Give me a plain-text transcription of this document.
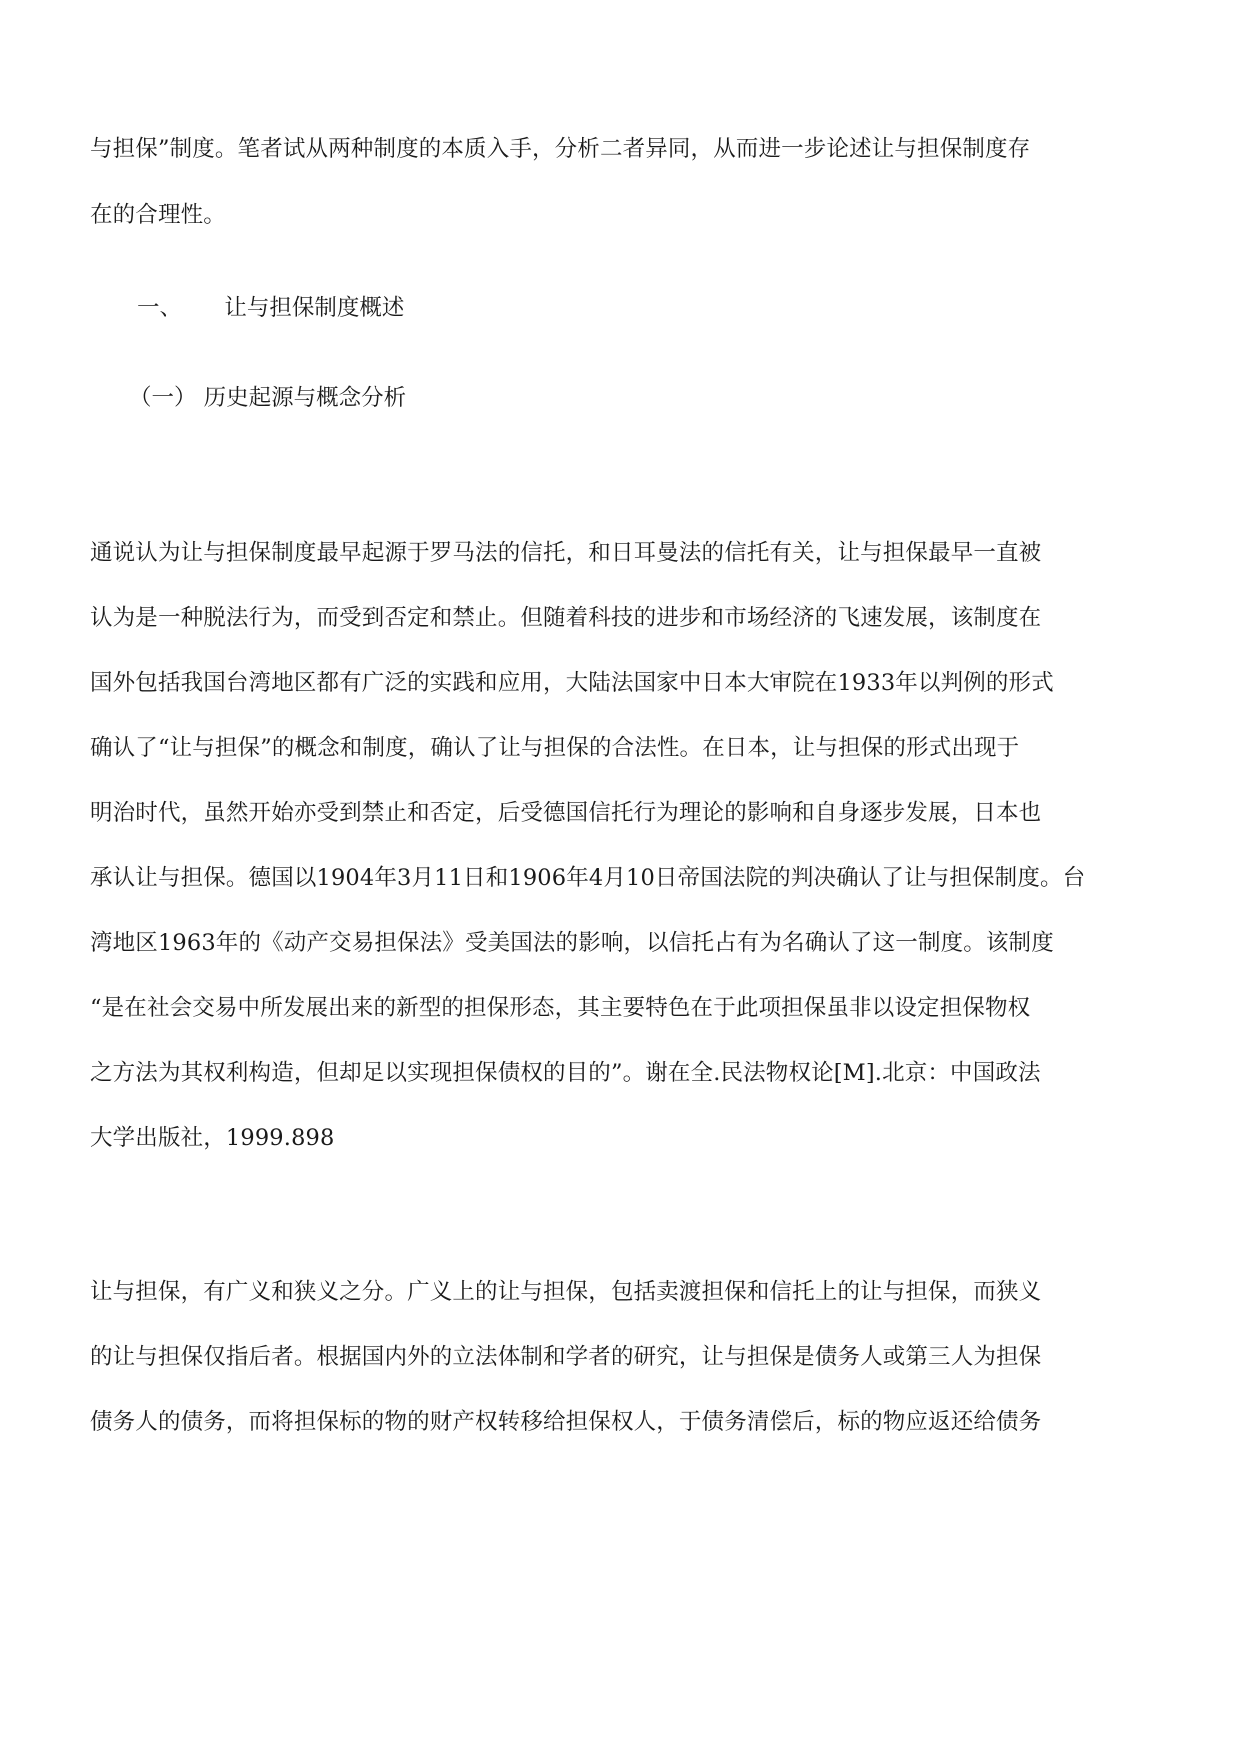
与担保”制度。笔者试从两种制度的本质入手，分析二者异同，从而进一步论述让与担保制度存
在的合理性。
一、 让与担保制度概述
（一） 历史起源与概念分析
通说认为让与担保制度最早起源于罗马法的信托，和日耳曼法的信托有关，让与担保最早一直被
认为是一种脱法行为，而受到否定和禁止。但随着科技的进步和市场经济的飞速发展，该制度在
国外包括我国台湾地区都有广泛的实践和应用，大陆法国家中日本大审院在1933年以判例的形式
确认了“让与担保”的概念和制度，确认了让与担保的合法性。在日本，让与担保的形式出现于
明治时代，虽然开始亦受到禁止和否定，后受德国信托行为理论的影响和自身逐步发展，日本也
承认让与担保。德国以1904年3月11日和1906年4月10日帝国法院的判决确认了让与担保制度。台
湾地区1963年的《动产交易担保法》受美国法的影响，以信托占有为名确认了这一制度。该制度
“是在社会交易中所发展出来的新型的担保形态，其主要特色在于此项担保虽非以设定担保物权
之方法为其权利构造，但却足以实现担保债权的目的”。谢在全.民法物权论[M].北京：中国政法
大学出版社，1999.898
让与担保，有广义和狭义之分。广义上的让与担保，包括卖渡担保和信托上的让与担保，而狭义
的让与担保仅指后者。根据国内外的立法体制和学者的研究，让与担保是债务人或第三人为担保
债务人的债务，而将担保标的物的财产权转移给担保权人，于债务清偿后，标的物应返还给债务
